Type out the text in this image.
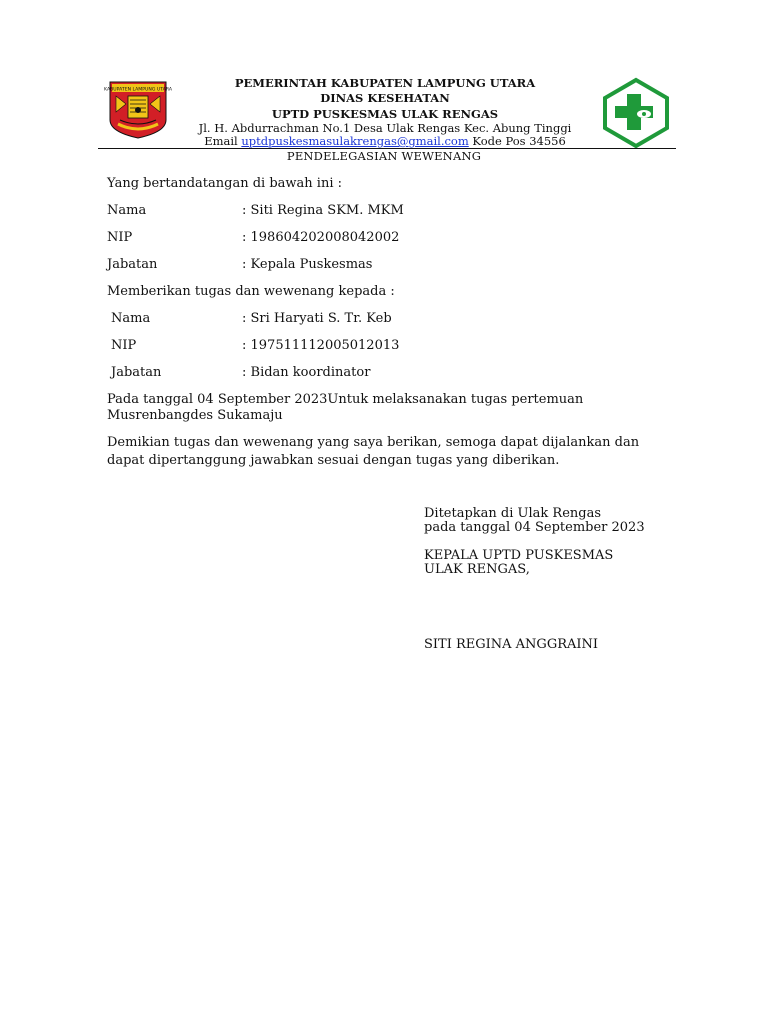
KABUPATEN LAMPUNG UTARA	PEMERINTAH KABUPATEN LAMPUNG UTARA
DINAS KESEHATAN
UPTD PUSKESMAS ULAK RENGAS
Jl. H. Abdurrachman No.1 Desa Ulak Rengas Kec. Abung Tinggi
Email uptdpuskesmasulakrengas@gmail.com Kode Pos 34556
PENDELEGASIAN WEWENANG
Yang bertandatangan di bawah ini :
Nama	: Siti Regina SKM. MKM
NIP	: 198604202008042002
Jabatan	: Kepala Puskesmas
Memberikan tugas dan wewenang kepada :
Nama	: Sri Haryati S. Tr. Keb
NIP	: 197511112005012013
Jabatan	: Bidan koordinator
Pada tanggal 04 September 2023Untuk melaksanakan tugas pertemuan
Musrenbangdes Sukamaju
Demikian tugas dan wewenang yang saya berikan, semoga dapat dijalankan dan
dapat dipertanggung jawabkan sesuai dengan tugas yang diberikan.
Ditetapkan di Ulak Rengas
pada tanggal 04 September 2023
KEPALA UPTD PUSKESMAS
ULAK RENGAS,
SITI REGINA ANGGRAINI
